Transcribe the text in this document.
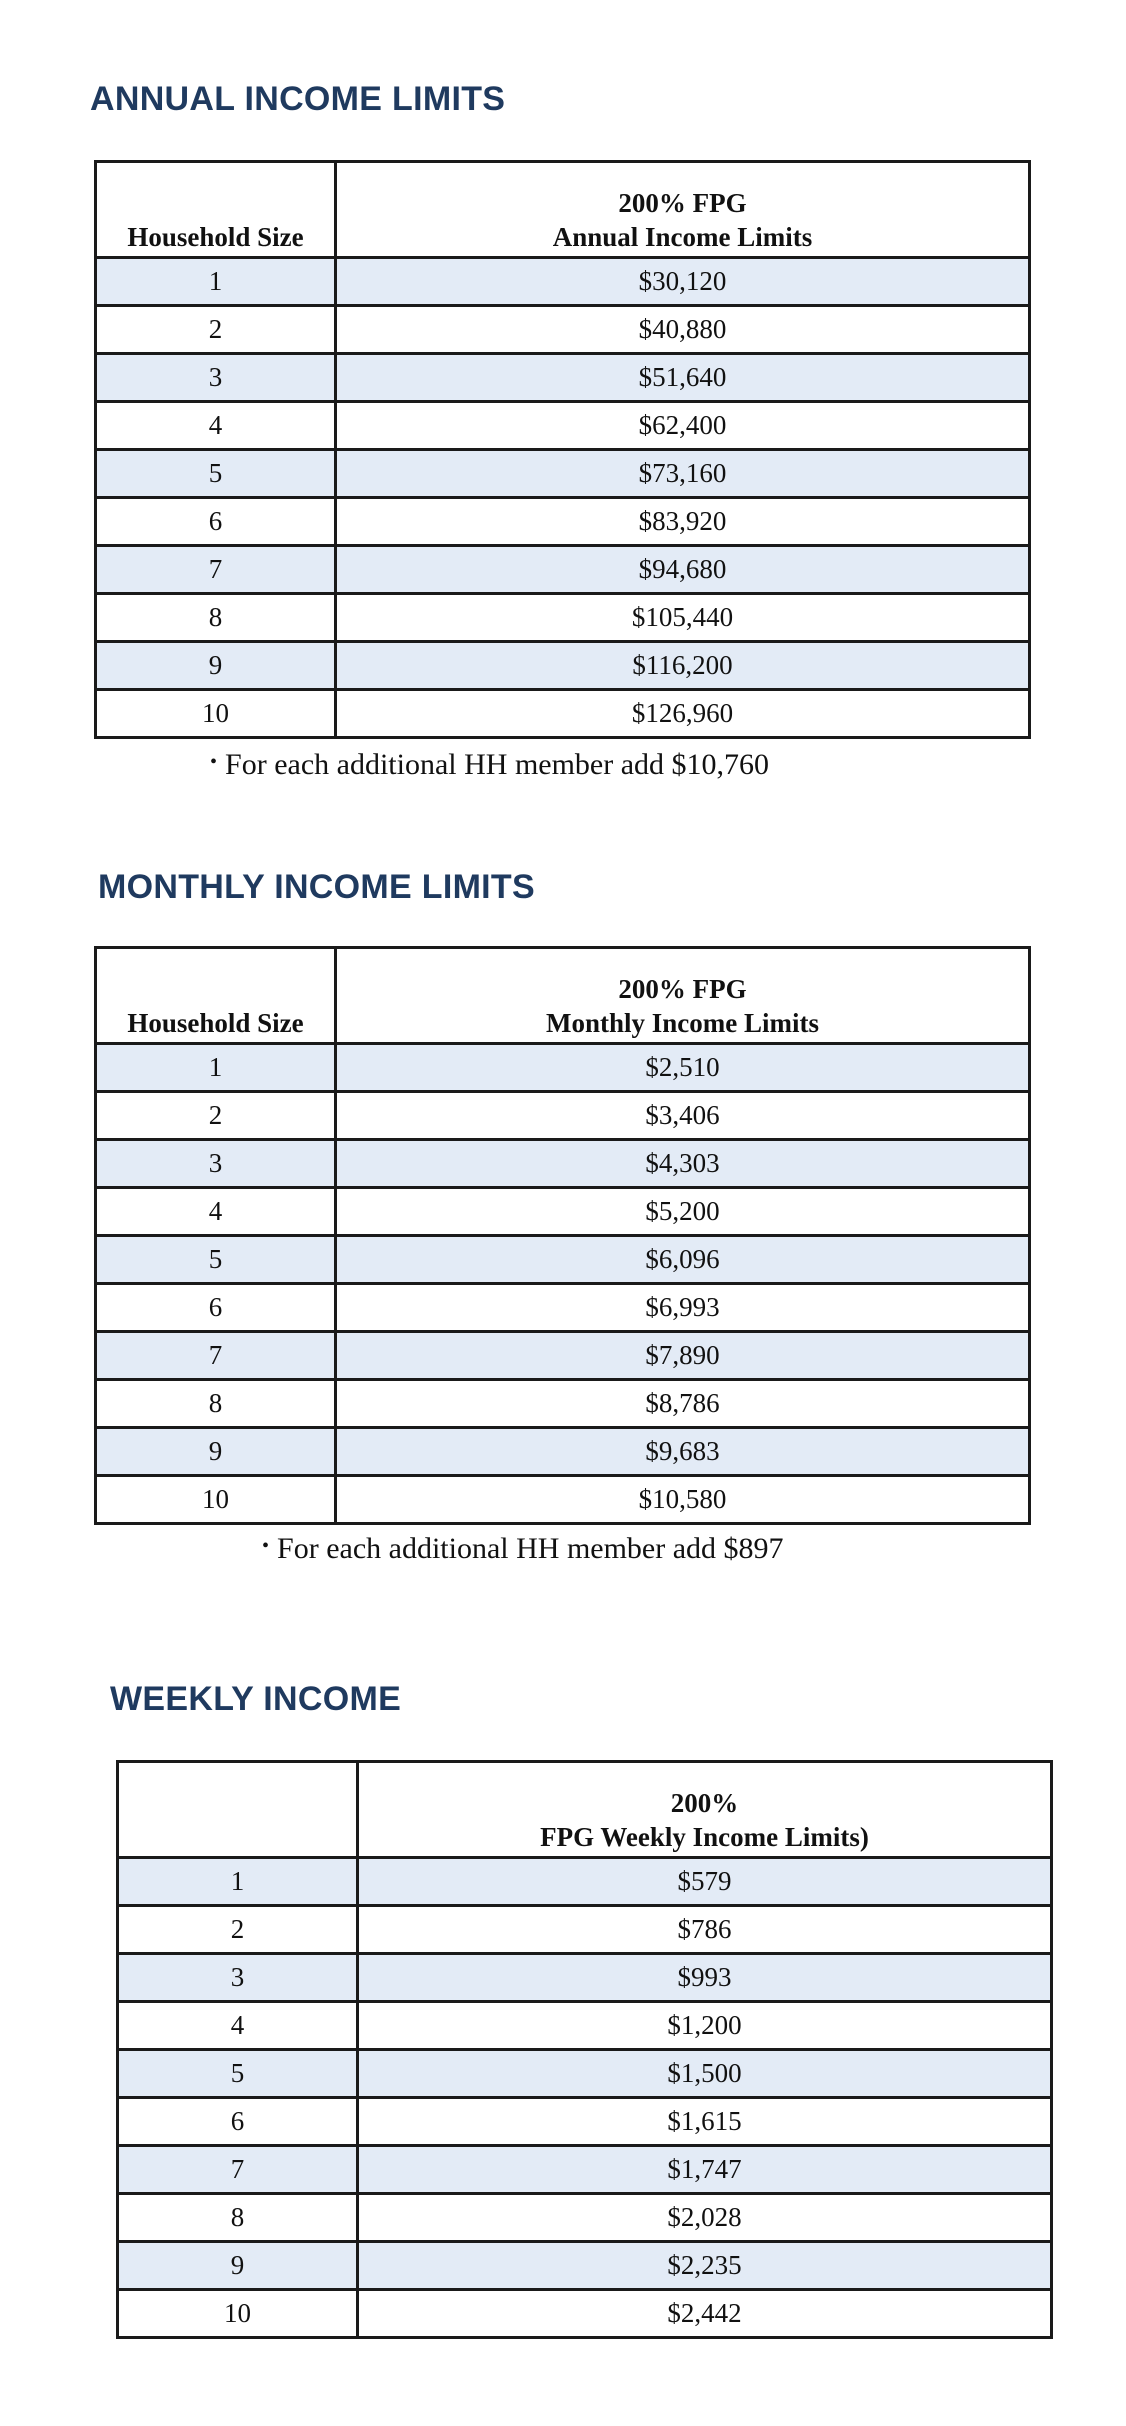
ANNUAL INCOME LIMITS
Household Size	200% FPG
Annual Income Limits

1	$30,120
2	$40,880
3	$51,640
4	$62,400
5	$73,160
6	$83,920
7	$94,680
8	$105,440
9	$116,200
10	$126,960
• For each additional HH member add $10,760
MONTHLY INCOME LIMITS
Household Size	200% FPG
Monthly Income Limits

1	$2,510
2	$3,406
3	$4,303
4	$5,200
5	$6,096
6	$6,993
7	$7,890
8	$8,786
9	$9,683
10	$10,580
• For each additional HH member add $897
WEEKLY INCOME

	200%
FPG Weekly Income Limits)

1	$579
2	$786
3	$993
4	$1,200
5	$1,500
6	$1,615
7	$1,747
8	$2,028
9	$2,235
10	$2,442
